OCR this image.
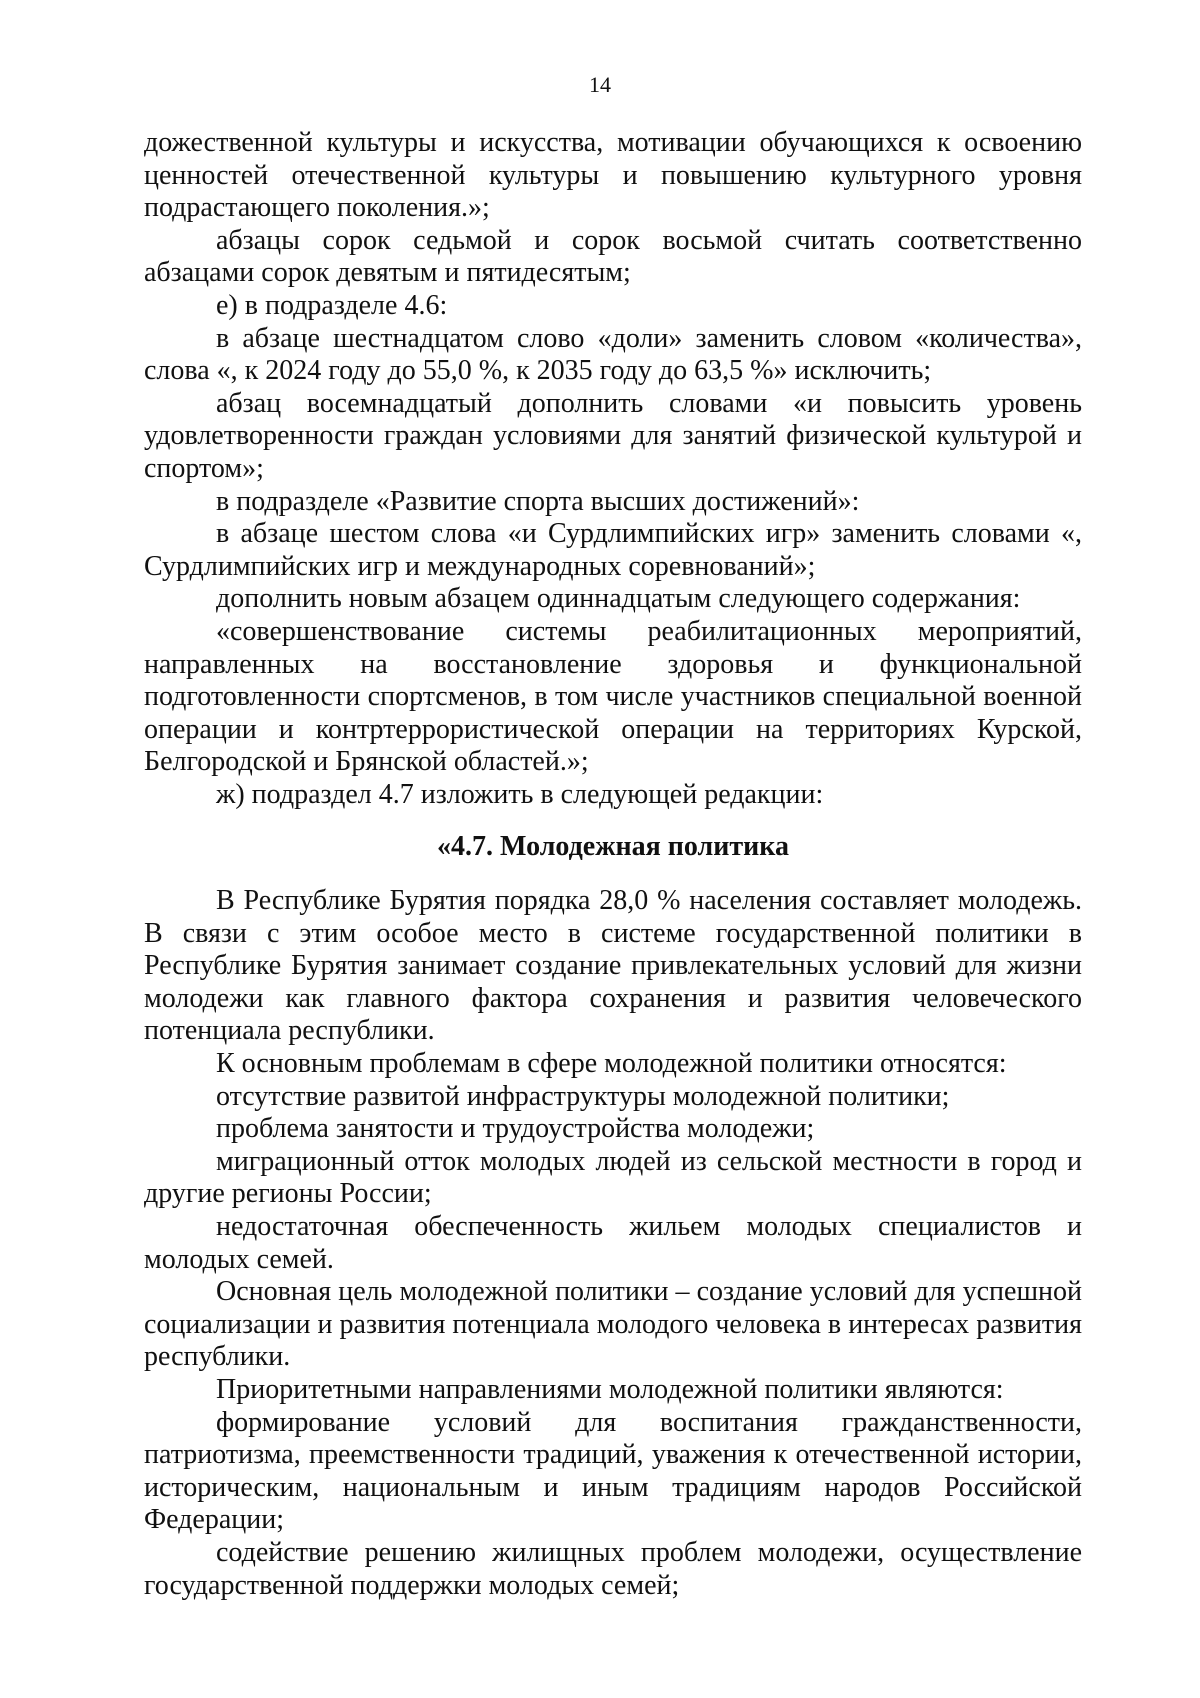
14

дожественной культуры и искусства, мотивации обучающихся к освоению ценностей отечественной культуры и повышению культурного уровня подрастающего поколения.»;

абзацы сорок седьмой и сорок восьмой считать соответственно абзацами сорок девятым и пятидесятым;

е) в подразделе 4.6:

в абзаце шестнадцатом слово «доли» заменить словом «количества», слова «, к 2024 году до 55,0 %, к 2035 году до 63,5 %» исключить;

абзац восемнадцатый дополнить словами «и повысить уровень удовлетворенности граждан условиями для занятий физической культурой и спортом»;

в подразделе «Развитие спорта высших достижений»:

в абзаце шестом слова «и Сурдлимпийских игр» заменить словами «, Сурдлимпийских игр и международных соревнований»;

дополнить новым абзацем одиннадцатым следующего содержания:

«совершенствование системы реабилитационных мероприятий, направленных на восстановление здоровья и функциональной подготовленности спортсменов, в том числе участников специальной военной операции и контртеррористической операции на территориях Курской, Белгородской и Брянской областей.»;

ж) подраздел 4.7 изложить в следующей редакции:

«4.7. Молодежная политика

В Республике Бурятия порядка 28,0 % населения составляет молодежь. В связи с этим особое место в системе государственной политики в Республике Бурятия занимает создание привлекательных условий для жизни молодежи как главного фактора сохранения и развития человеческого потенциала республики.

К основным проблемам в сфере молодежной политики относятся:

отсутствие развитой инфраструктуры молодежной политики;

проблема занятости и трудоустройства молодежи;

миграционный отток молодых людей из сельской местности в город и другие регионы России;

недостаточная обеспеченность жильем молодых специалистов и молодых семей.

Основная цель молодежной политики – создание условий для успешной социализации и развития потенциала молодого человека в интересах развития республики.

Приоритетными направлениями молодежной политики являются:

формирование условий для воспитания гражданственности, патриотизма, преемственности традиций, уважения к отечественной истории, историческим, национальным и иным традициям народов Российской Федерации;

содействие решению жилищных проблем молодежи, осуществление государственной поддержки молодых семей;
